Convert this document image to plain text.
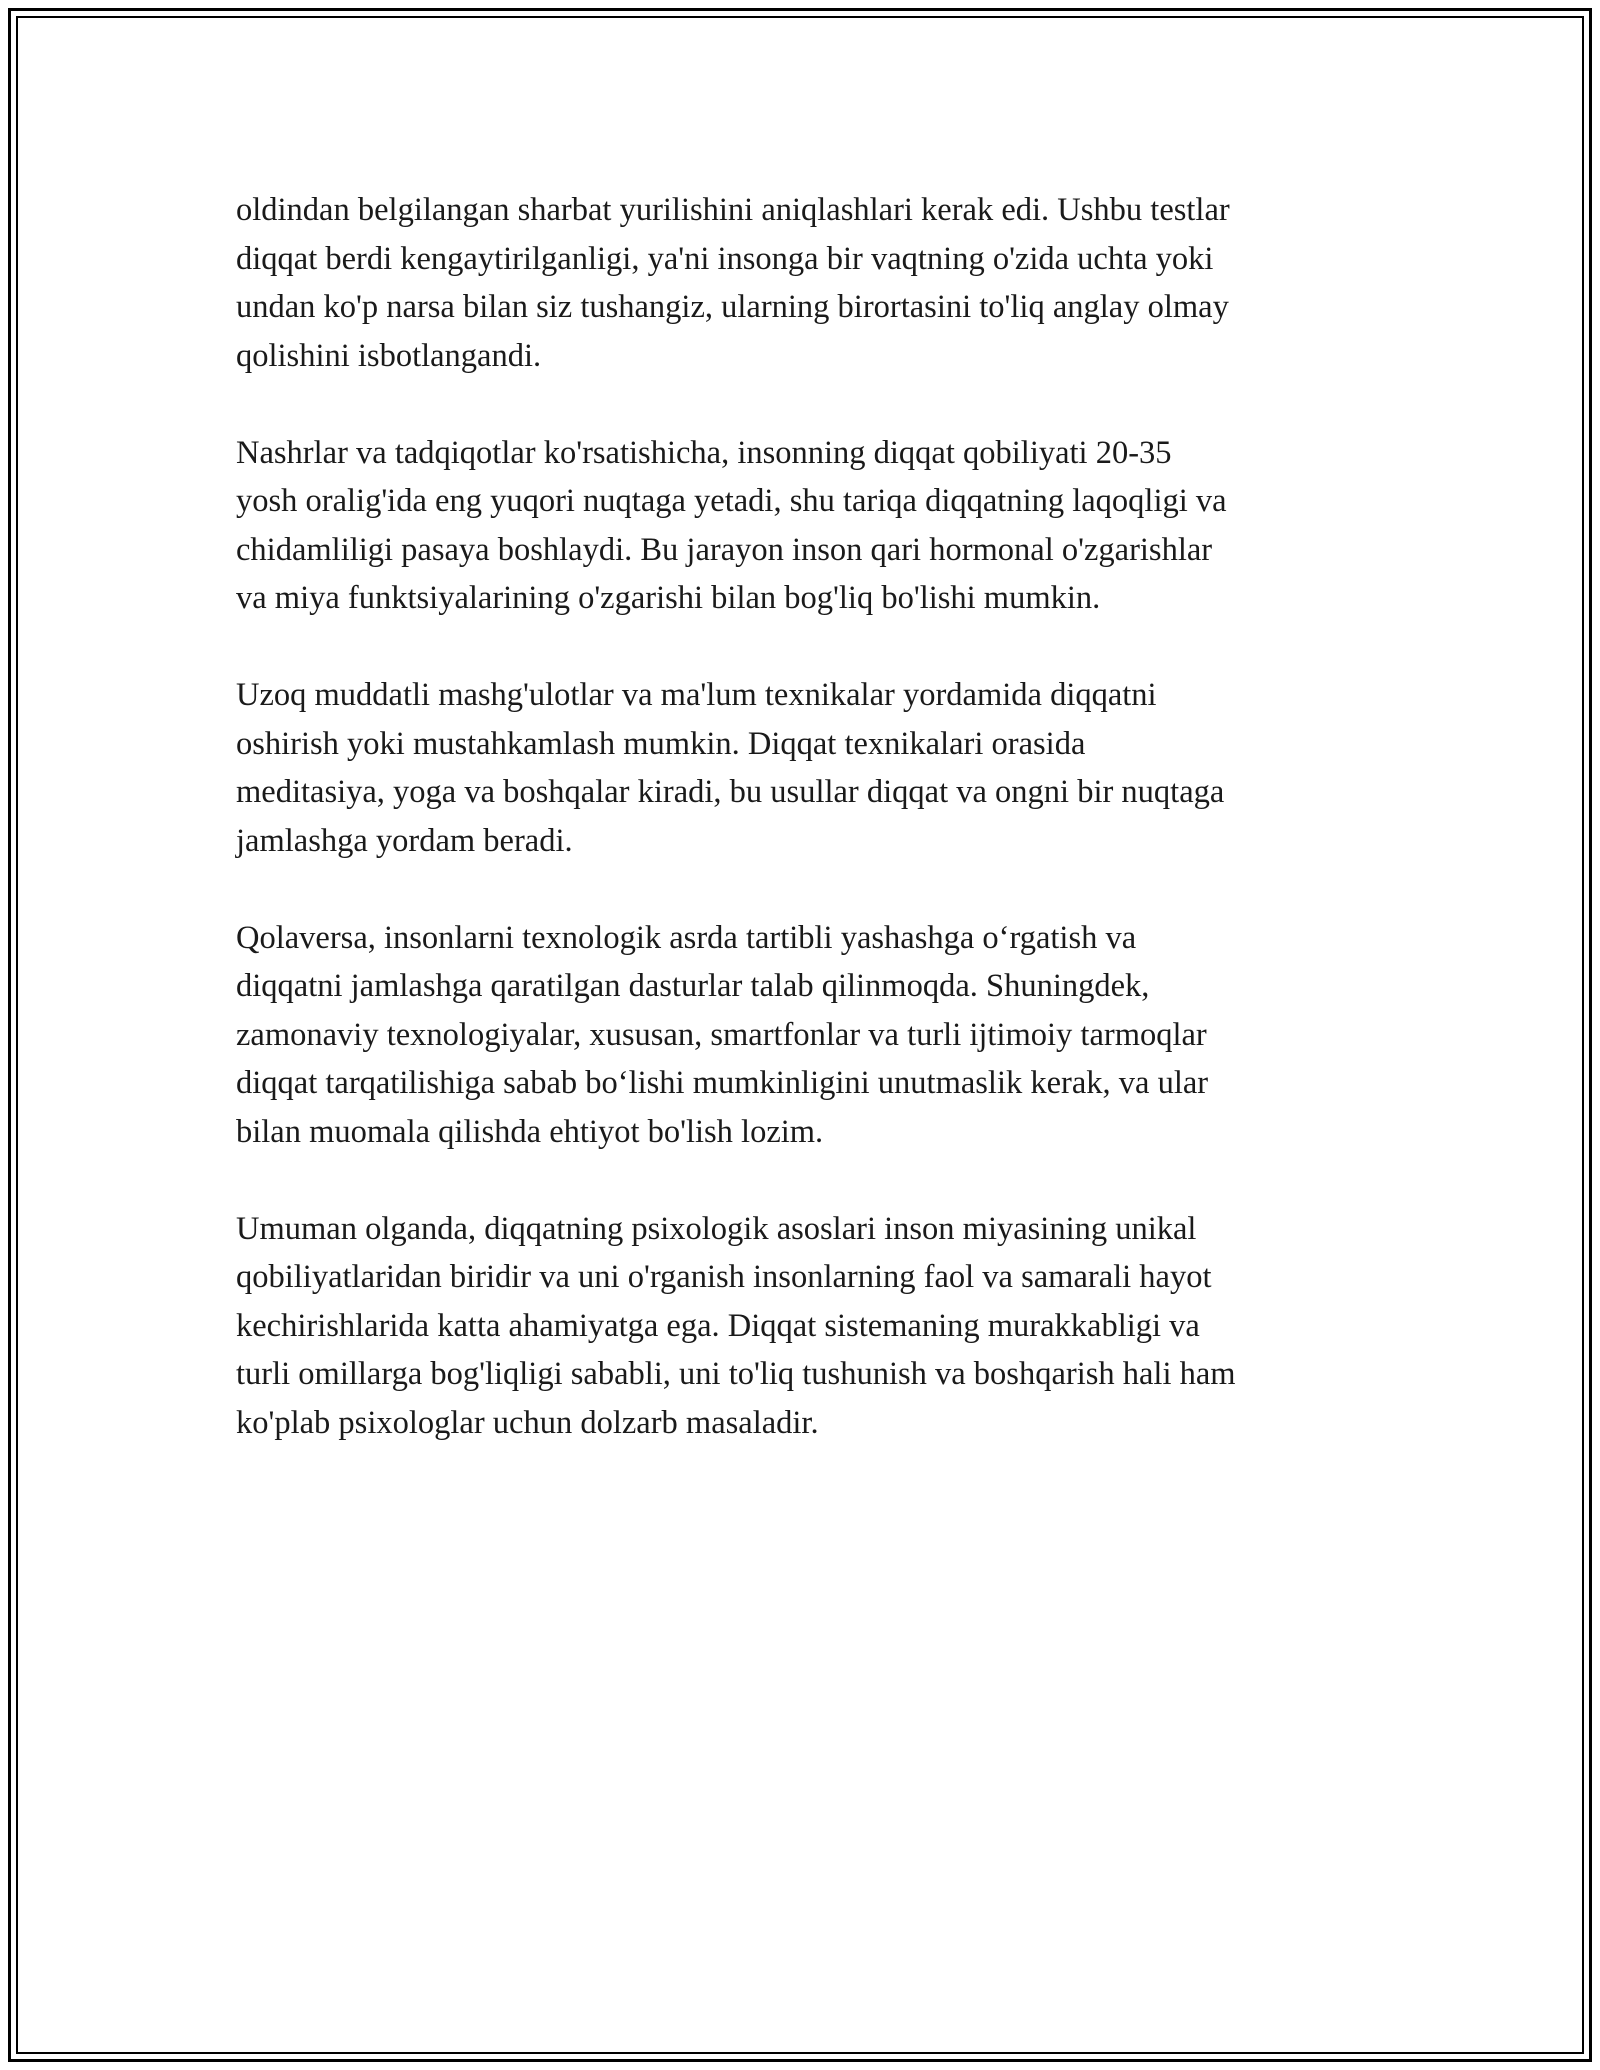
oldindan belgilangan sharbat yurilishini aniqlashlari kerak edi. Ushbu testlar
diqqat berdi kengaytirilganligi, ya'ni insonga bir vaqtning o'zida uchta yoki
undan ko'p narsa bilan siz tushangiz, ularning birortasini to'liq anglay olmay
qolishini isbotlangandi.

Nashrlar va tadqiqotlar ko'rsatishicha, insonning diqqat qobiliyati 20-35
yosh oralig'ida eng yuqori nuqtaga yetadi, shu tariqa diqqatning laqoqligi va
chidamliligi pasaya boshlaydi. Bu jarayon inson qari hormonal o'zgarishlar
va miya funktsiyalarining o'zgarishi bilan bog'liq bo'lishi mumkin.

Uzoq muddatli mashg'ulotlar va ma'lum texnikalar yordamida diqqatni
oshirish yoki mustahkamlash mumkin. Diqqat texnikalari orasida
meditasiya, yoga va boshqalar kiradi, bu usullar diqqat va ongni bir nuqtaga
jamlashga yordam beradi.

Qolaversa, insonlarni texnologik asrda tartibli yashashga o‘rgatish va
diqqatni jamlashga qaratilgan dasturlar talab qilinmoqda. Shuningdek,
zamonaviy texnologiyalar, xususan, smartfonlar va turli ijtimoiy tarmoqlar
diqqat tarqatilishiga sabab bo‘lishi mumkinligini unutmaslik kerak, va ular
bilan muomala qilishda ehtiyot bo'lish lozim.

Umuman olganda, diqqatning psixologik asoslari inson miyasining unikal
qobiliyatlaridan biridir va uni o'rganish insonlarning faol va samarali hayot
kechirishlarida katta ahamiyatga ega. Diqqat sistemaning murakkabligi va
turli omillarga bog'liqligi sababli, uni to'liq tushunish va boshqarish hali ham
ko'plab psixologlar uchun dolzarb masaladir.
